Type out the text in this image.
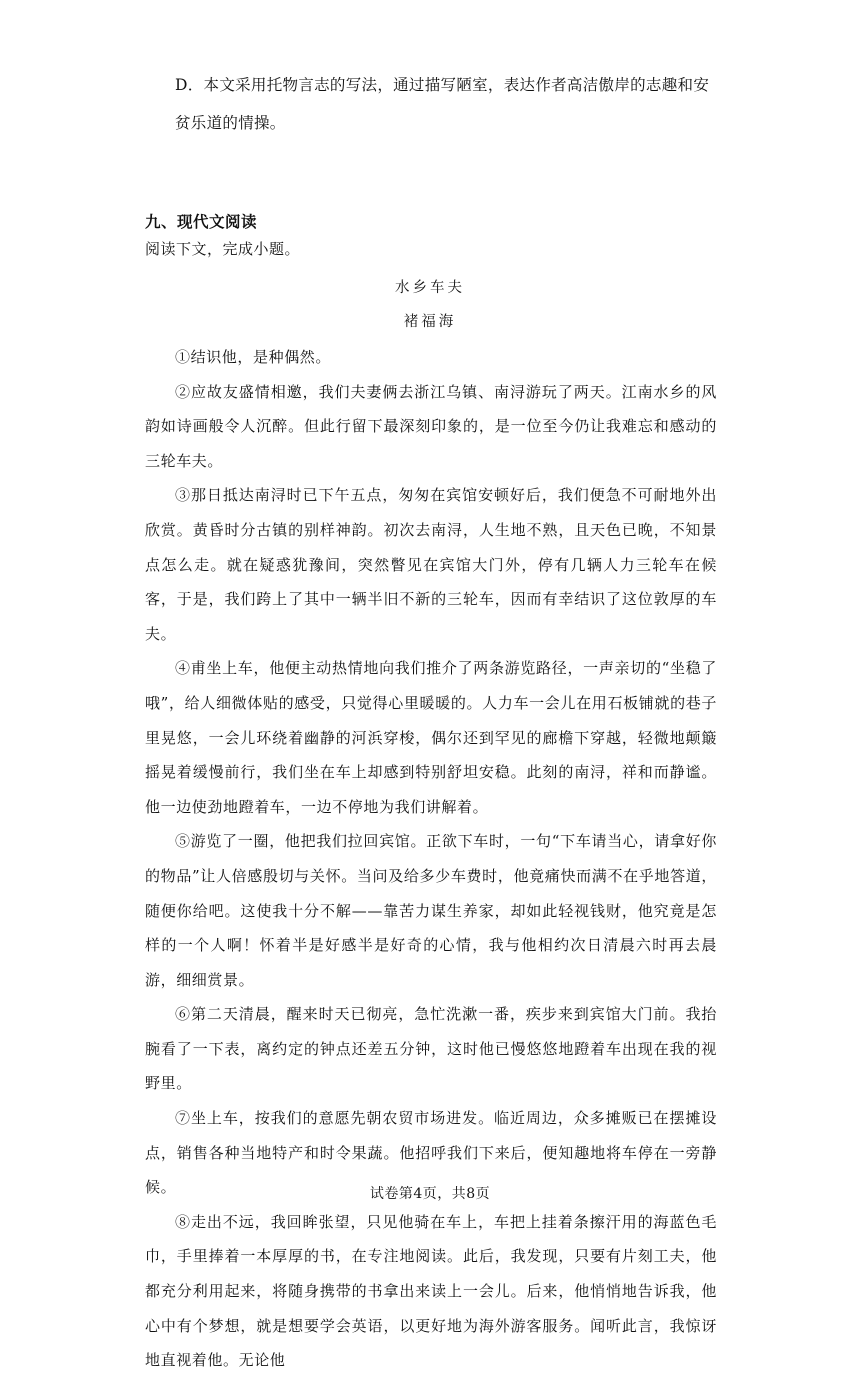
D．本文采用托物言志的写法，通过描写陋室，表达作者高洁傲岸的志趣和安贫乐道的情操。
九、现代文阅读
阅读下文，完成小题。
水乡车夫
褚福海

①结识他，是种偶然。

②应故友盛情相邀，我们夫妻俩去浙江乌镇、南浔游玩了两天。江南水乡的风韵如诗画般令人沉醉。但此行留下最深刻印象的，是一位至今仍让我难忘和感动的三轮车夫。

③那日抵达南浔时已下午五点，匆匆在宾馆安顿好后，我们便急不可耐地外出欣赏。黄昏时分古镇的别样神韵。初次去南浔，人生地不熟，且天色已晚，不知景点怎么走。就在疑惑犹豫间，突然瞥见在宾馆大门外，停有几辆人力三轮车在候客，于是，我们跨上了其中一辆半旧不新的三轮车，因而有幸结识了这位敦厚的车夫。

④甫坐上车，他便主动热情地向我们推介了两条游览路径，一声亲切的“坐稳了哦”，给人细微体贴的感受，只觉得心里暖暖的。人力车一会儿在用石板铺就的巷子里晃悠，一会儿环绕着幽静的河浜穿梭，偶尔还到罕见的廊檐下穿越，轻微地颠簸摇晃着缓慢前行，我们坐在车上却感到特别舒坦安稳。此刻的南浔，祥和而静谧。他一边使劲地蹬着车，一边不停地为我们讲解着。

⑤游览了一圈，他把我们拉回宾馆。正欲下车时，一句“下车请当心，请拿好你的物品”让人倍感殷切与关怀。当问及给多少车费时，他竟痛快而满不在乎地答道，随便你给吧。这使我十分不解——靠苦力谋生养家，却如此轻视钱财，他究竟是怎样的一个人啊！怀着半是好感半是好奇的心情，我与他相约次日清晨六时再去晨游，细细赏景。

⑥第二天清晨，醒来时天已彻亮，急忙洗漱一番，疾步来到宾馆大门前。我抬腕看了一下表，离约定的钟点还差五分钟，这时他已慢悠悠地蹬着车出现在我的视野里。

⑦坐上车，按我们的意愿先朝农贸市场进发。临近周边，众多摊贩已在摆摊设点，销售各种当地特产和时令果蔬。他招呼我们下来后，便知趣地将车停在一旁静候。

⑧走出不远，我回眸张望，只见他骑在车上，车把上挂着条擦汗用的海蓝色毛巾，手里捧着一本厚厚的书，在专注地阅读。此后，我发现，只要有片刻工夫，他都充分利用起来，将随身携带的书拿出来读上一会儿。后来，他悄悄地告诉我，他心中有个梦想，就是想要学会英语，以更好地为海外游客服务。闻听此言，我惊讶地直视着他。无论他

试卷第4页，共8页
